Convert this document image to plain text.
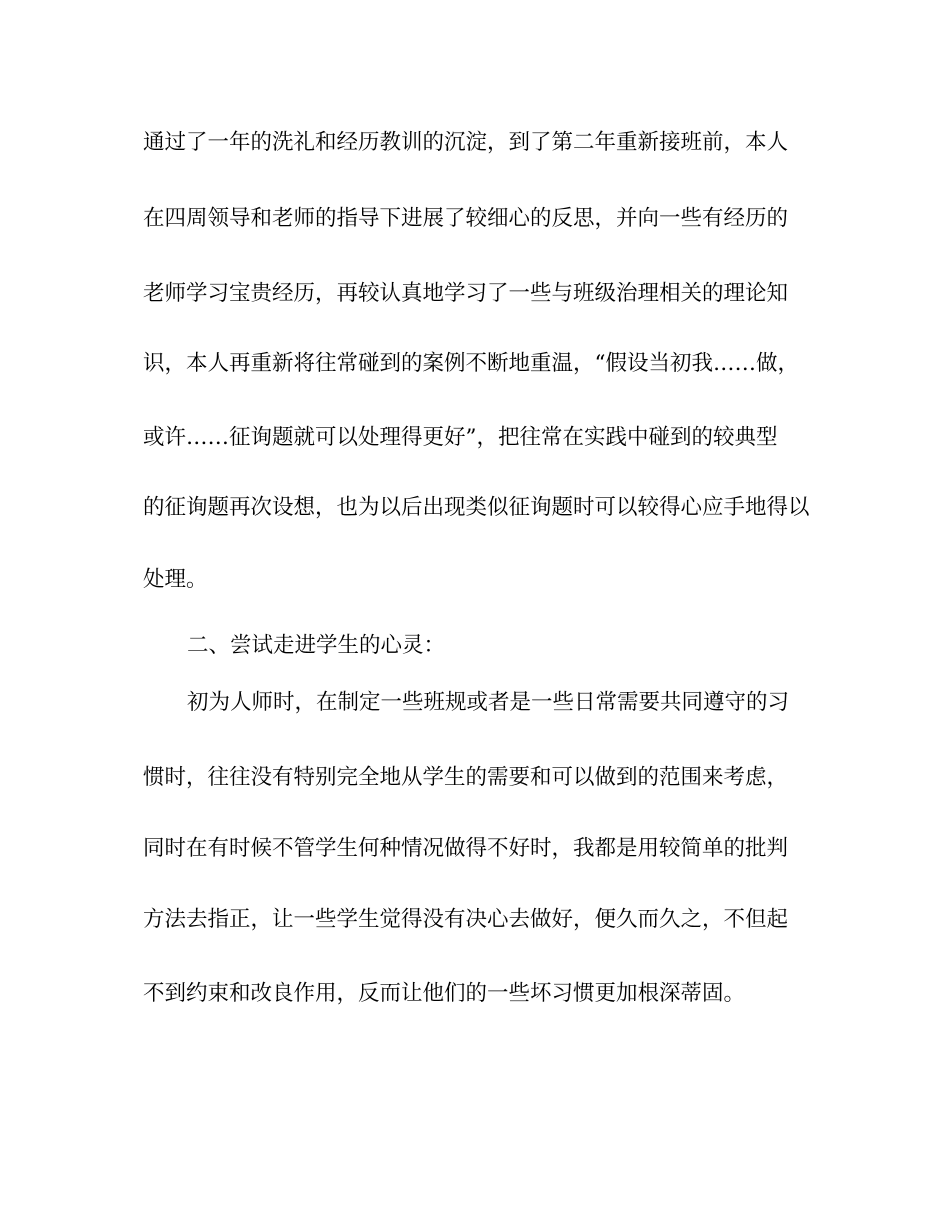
通过了一年的洗礼和经历教训的沉淀，到了第二年重新接班前，本人
在四周领导和老师的指导下进展了较细心的反思，并向一些有经历的
老师学习宝贵经历，再较认真地学习了一些与班级治理相关的理论知
识，本人再重新将往常碰到的案例不断地重温，“假设当初我……做，
或许……征询题就可以处理得更好”，把往常在实践中碰到的较典型
的征询题再次设想，也为以后出现类似征询题时可以较得心应手地得以
处理。
二、尝试走进学生的心灵：
初为人师时，在制定一些班规或者是一些日常需要共同遵守的习
惯时，往往没有特别完全地从学生的需要和可以做到的范围来考虑，
同时在有时候不管学生何种情况做得不好时，我都是用较简单的批判
方法去指正，让一些学生觉得没有决心去做好，便久而久之，不但起
不到约束和改良作用，反而让他们的一些坏习惯更加根深蒂固。
